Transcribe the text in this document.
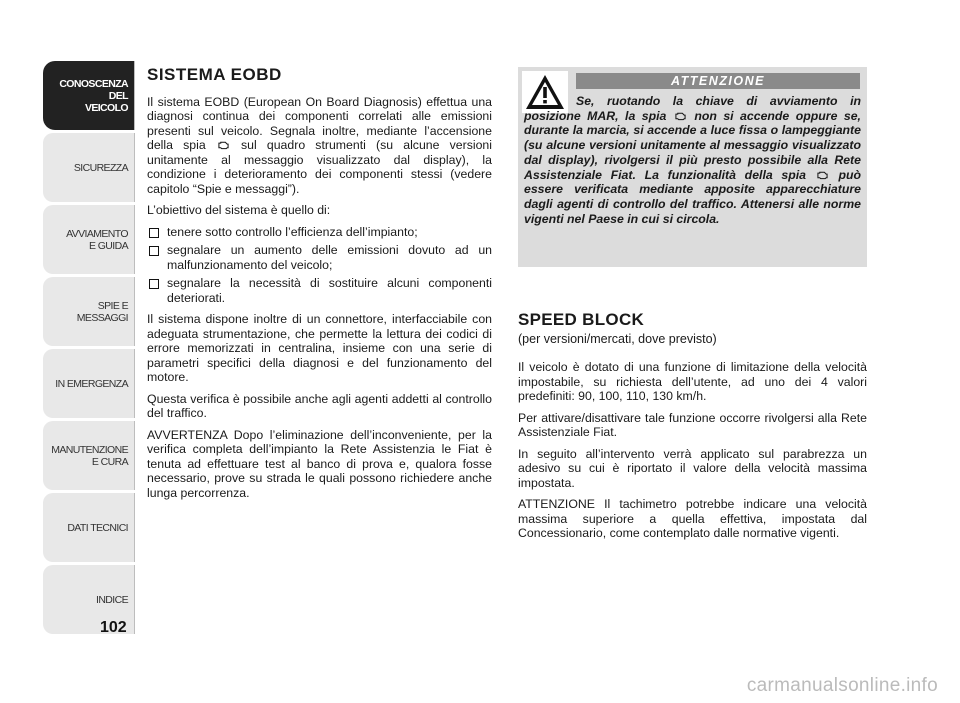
CONOSCENZA
DEL
VEICOLO
SICUREZZA
AVVIAMENTO
E GUIDA
SPIE E
MESSAGGI
IN EMERGENZA
MANUTENZIONE
E CURA
DATI TECNICI
INDICE
102
SISTEMA EOBD

Il sistema EOBD (European On Board Diagnosis) effettua una diagnosi continua dei componenti correlati alle emissioni presenti sul veicolo. Segnala inoltre, mediante l’accensione della spia	sul quadro strumenti (su alcune versioni unitamente al messaggio visualizzato dal display), la condizione i deterioramento dei componenti stessi (vedere capitolo “Spie e messaggi”).

L’obiettivo del sistema è quello di:

tenere sotto controllo l’efficienza dell’impianto;
segnalare un aumento delle emissioni dovuto ad un malfunzionamento del veicolo;
segnalare la necessità di sostituire alcuni componenti deteriorati.

Il sistema dispone inoltre di un connettore, interfacciabile con adeguata strumentazione, che permette la lettura dei codici di errore memorizzati in centralina, insieme con una serie di parametri specifici della diagnosi e del funzionamento del motore.

Questa verifica è possibile anche agli agenti addetti al controllo del traffico.

AVVERTENZA Dopo l’eliminazione dell’inconveniente, per la verifica completa dell’impianto la Rete Assistenzia le Fiat è tenuta ad effettuare test al banco di prova e, qualora fosse necessario, prove su strada le quali possono richiedere anche lunga percorrenza.

ATTENZIONE
Se, ruotando la chiave di avviamento in posizione MAR, la spia non si accende oppure se, durante la marcia, si accende a luce fissa o lampeggiante (su alcune versioni unitamente al messaggio visualizzato dal display), rivolgersi il più presto possibile alla Rete Assistenziale Fiat. La funzionalità della spia	può essere verificata mediante apposite apparecchiature dagli agenti di controllo del traffico. Attenersi alle norme vigenti nel Paese in cui si circola.
SPEED BLOCK
(per versioni/mercati, dove previsto)

Il veicolo è dotato di una funzione di limitazione della velocità impostabile, su richiesta dell’utente, ad uno dei 4 valori predefiniti: 90, 100, 110, 130 km/h.

Per attivare/disattivare tale funzione occorre rivolgersi alla Rete Assistenziale Fiat.

In seguito all’intervento verrà applicato sul parabrezza un adesivo su cui è riportato il valore della velocità massima impostata.

ATTENZIONE Il tachimetro potrebbe indicare una velocità massima superiore a quella effettiva, impostata dal Concessionario, come contemplato dalle normative vigenti.

carmanualsonline.info
